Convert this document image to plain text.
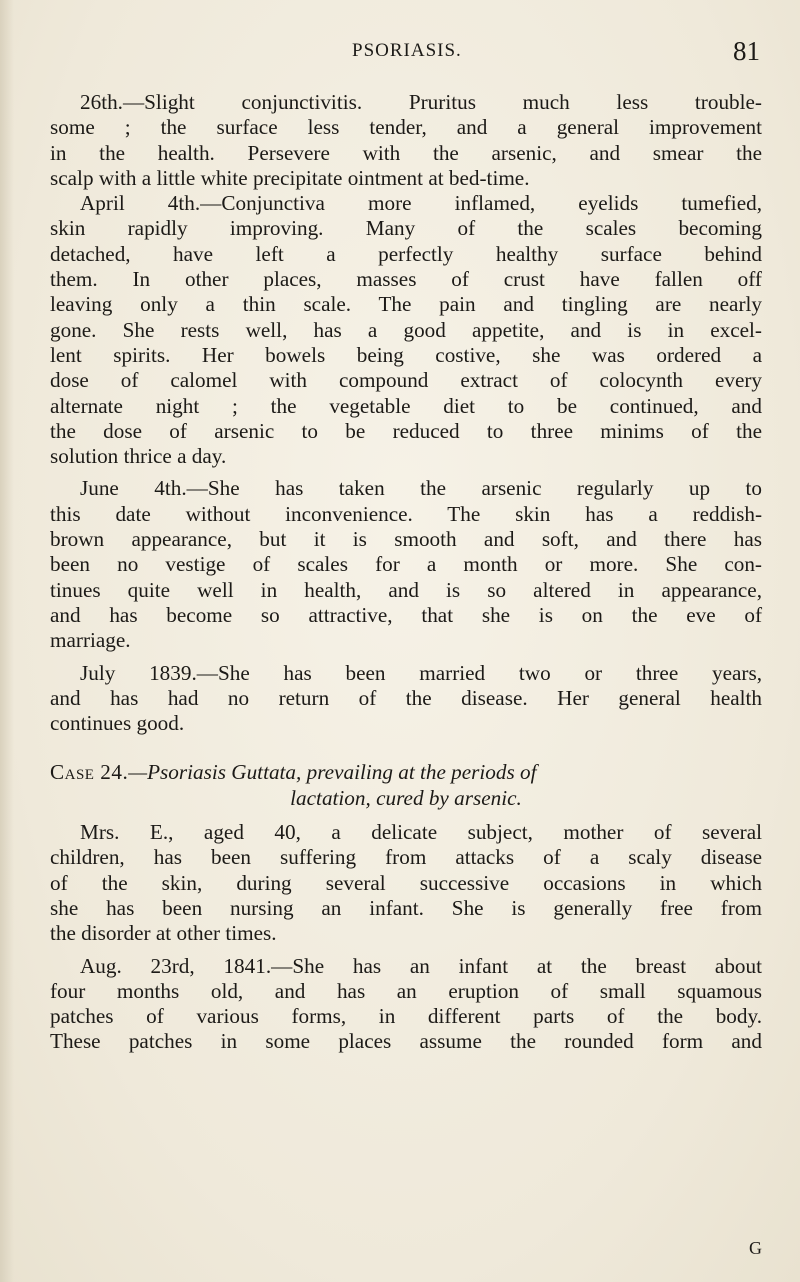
PSORIASIS.	81
26th.—Slight conjunctivitis. Pruritus much less trouble-
some ; the surface less tender, and a general improvement
in the health. Persevere with the arsenic, and smear the
scalp with a little white precipitate ointment at bed-time.
April 4th.—Conjunctiva more inflamed, eyelids tumefied,
skin rapidly improving. Many of the scales becoming
detached, have left a perfectly healthy surface behind
them. In other places, masses of crust have fallen off
leaving only a thin scale. The pain and tingling are nearly
gone. She rests well, has a good appetite, and is in excel-
lent spirits. Her bowels being costive, she was ordered a
dose of calomel with compound extract of colocynth every
alternate night ; the vegetable diet to be continued, and
the dose of arsenic to be reduced to three minims of the
solution thrice a day.
June 4th.—She has taken the arsenic regularly up to
this date without inconvenience. The skin has a reddish-
brown appearance, but it is smooth and soft, and there has
been no vestige of scales for a month or more. She con-
tinues quite well in health, and is so altered in appearance,
and has become so attractive, that she is on the eve of
marriage.
July 1839.—She has been married two or three years,
and has had no return of the disease. Her general health
continues good.
Case 24.—Psoriasis Guttata, prevailing at the periods of
lactation, cured by arsenic.
Mrs. E., aged 40, a delicate subject, mother of several
children, has been suffering from attacks of a scaly disease
of the skin, during several successive occasions in which
she has been nursing an infant. She is generally free from
the disorder at other times.
Aug. 23rd, 1841.—She has an infant at the breast about
four months old, and has an eruption of small squamous
patches of various forms, in different parts of the body.
These patches in some places assume the rounded form and
G
